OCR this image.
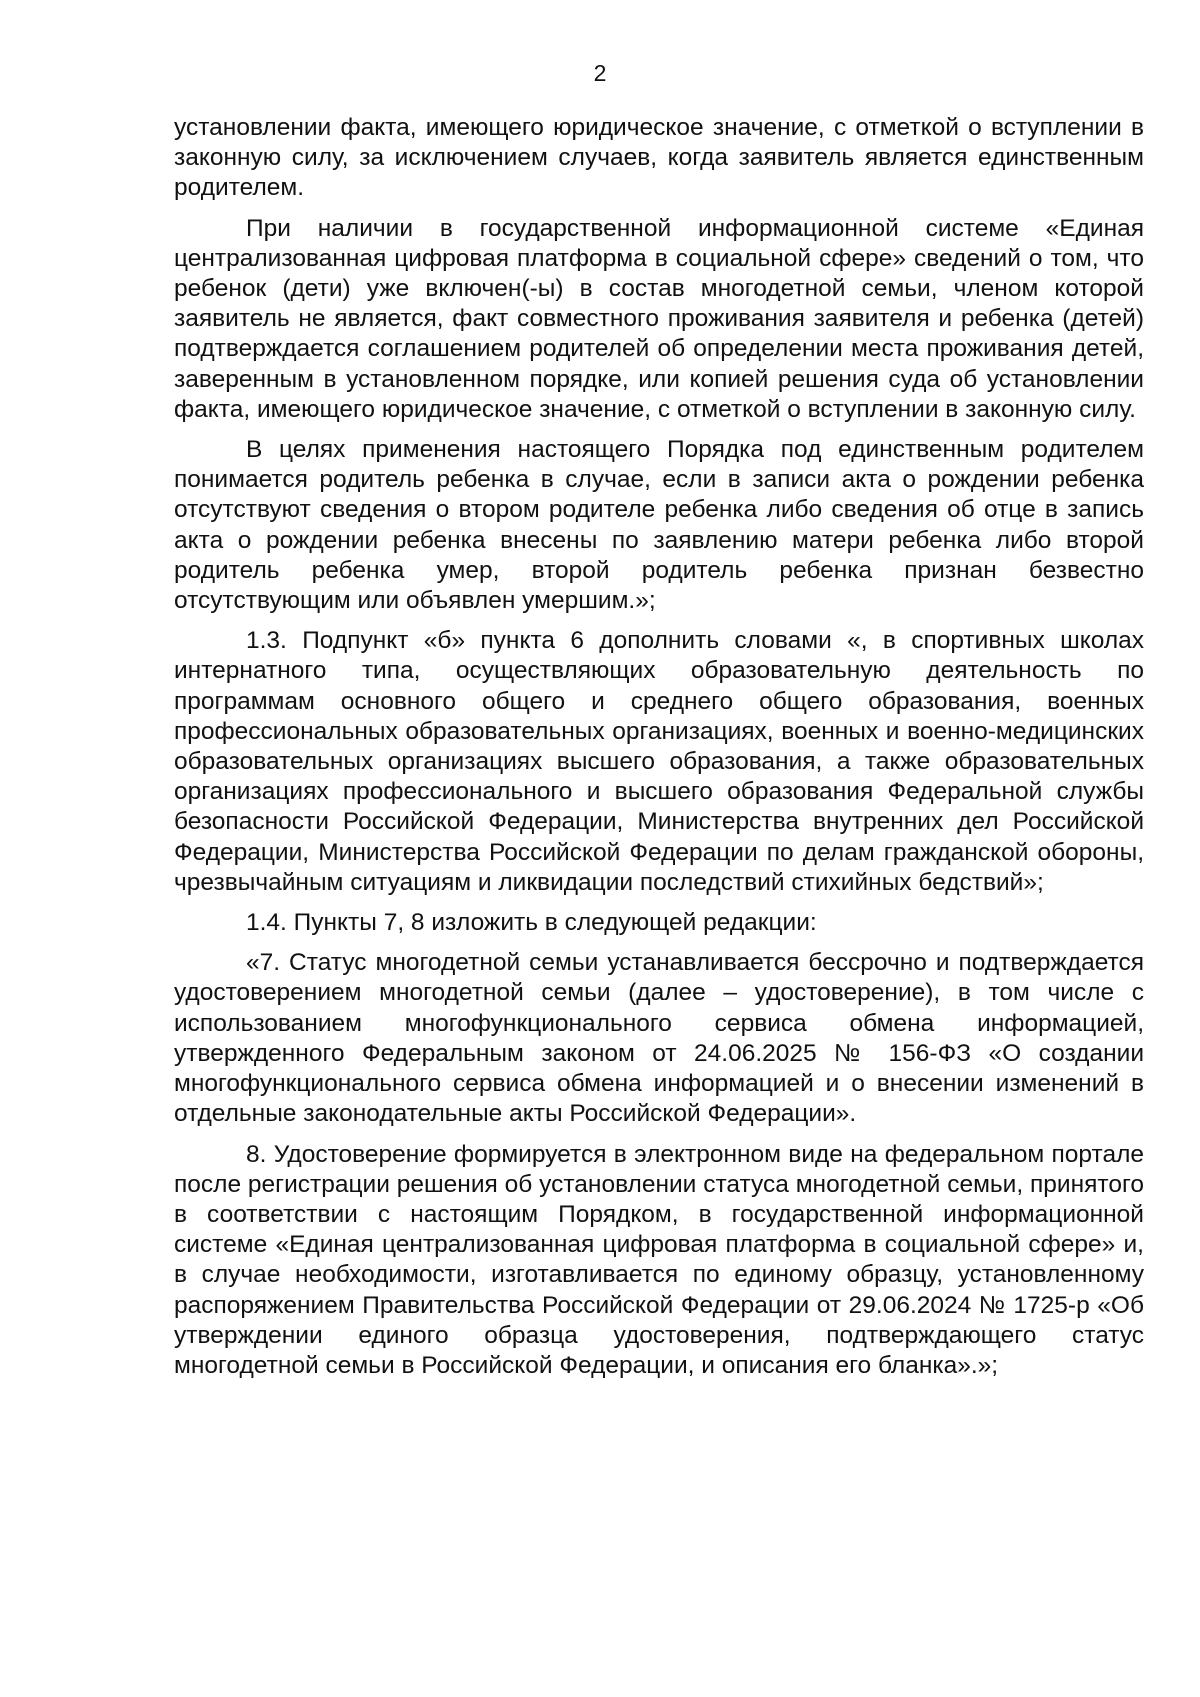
2

установлении факта, имеющего юридическое значение, с отметкой о вступлении в законную силу, за исключением случаев, когда заявитель является единственным родителем.

При наличии в государственной информационной системе «Единая централизованная цифровая платформа в социальной сфере» сведений о том, что ребенок (дети) уже включен(-ы) в состав многодетной семьи, членом которой заявитель не является, факт совместного проживания заявителя и ребенка (детей) подтверждается соглашением родителей об определении места проживания детей, заверенным в установленном порядке, или копией решения суда об установлении факта, имеющего юридическое значение, с отметкой о вступлении в законную силу.

В целях применения настоящего Порядка под единственным родителем понимается родитель ребенка в случае, если в записи акта о рождении ребенка отсутствуют сведения о втором родителе ребенка либо сведения об отце в запись акта о рождении ребенка внесены по заявлению матери ребенка либо второй родитель ребенка умер, второй родитель ребенка признан безвестно отсутствующим или объявлен умершим.»;

1.3. Подпункт «б» пункта 6 дополнить словами «, в спортивных школах интернатного типа, осуществляющих образовательную деятельность по программам основного общего и среднего общего образования, военных профессиональных образовательных организациях, военных и военно-медицинских образовательных организациях высшего образования, а также образовательных организациях профессионального и высшего образования Федеральной службы безопасности Российской Федерации, Министерства внутренних дел Российской Федерации, Министерства Российской Федерации по делам гражданской обороны, чрезвычайным ситуациям и ликвидации последствий стихийных бедствий»;

1.4. Пункты 7, 8 изложить в следующей редакции:

«7. Статус многодетной семьи устанавливается бессрочно и подтверждается удостоверением многодетной семьи (далее – удостоверение), в том числе с использованием многофункционального сервиса обмена информацией, утвержденного Федеральным законом от 24.06.2025 № 156-ФЗ «О создании многофункционального сервиса обмена информацией и о внесении изменений в отдельные законодательные акты Российской Федерации».

8. Удостоверение формируется в электронном виде на федеральном портале после регистрации решения об установлении статуса многодетной семьи, принятого в соответствии с настоящим Порядком, в государственной информационной системе «Единая централизованная цифровая платформа в социальной сфере» и, в случае необходимости, изготавливается по единому образцу, установленному распоряжением Правительства Российской Федерации от 29.06.2024 № 1725-р «Об утверждении единого образца удостоверения, подтверждающего статус многодетной семьи в Российской Федерации, и описания его бланка».»;
